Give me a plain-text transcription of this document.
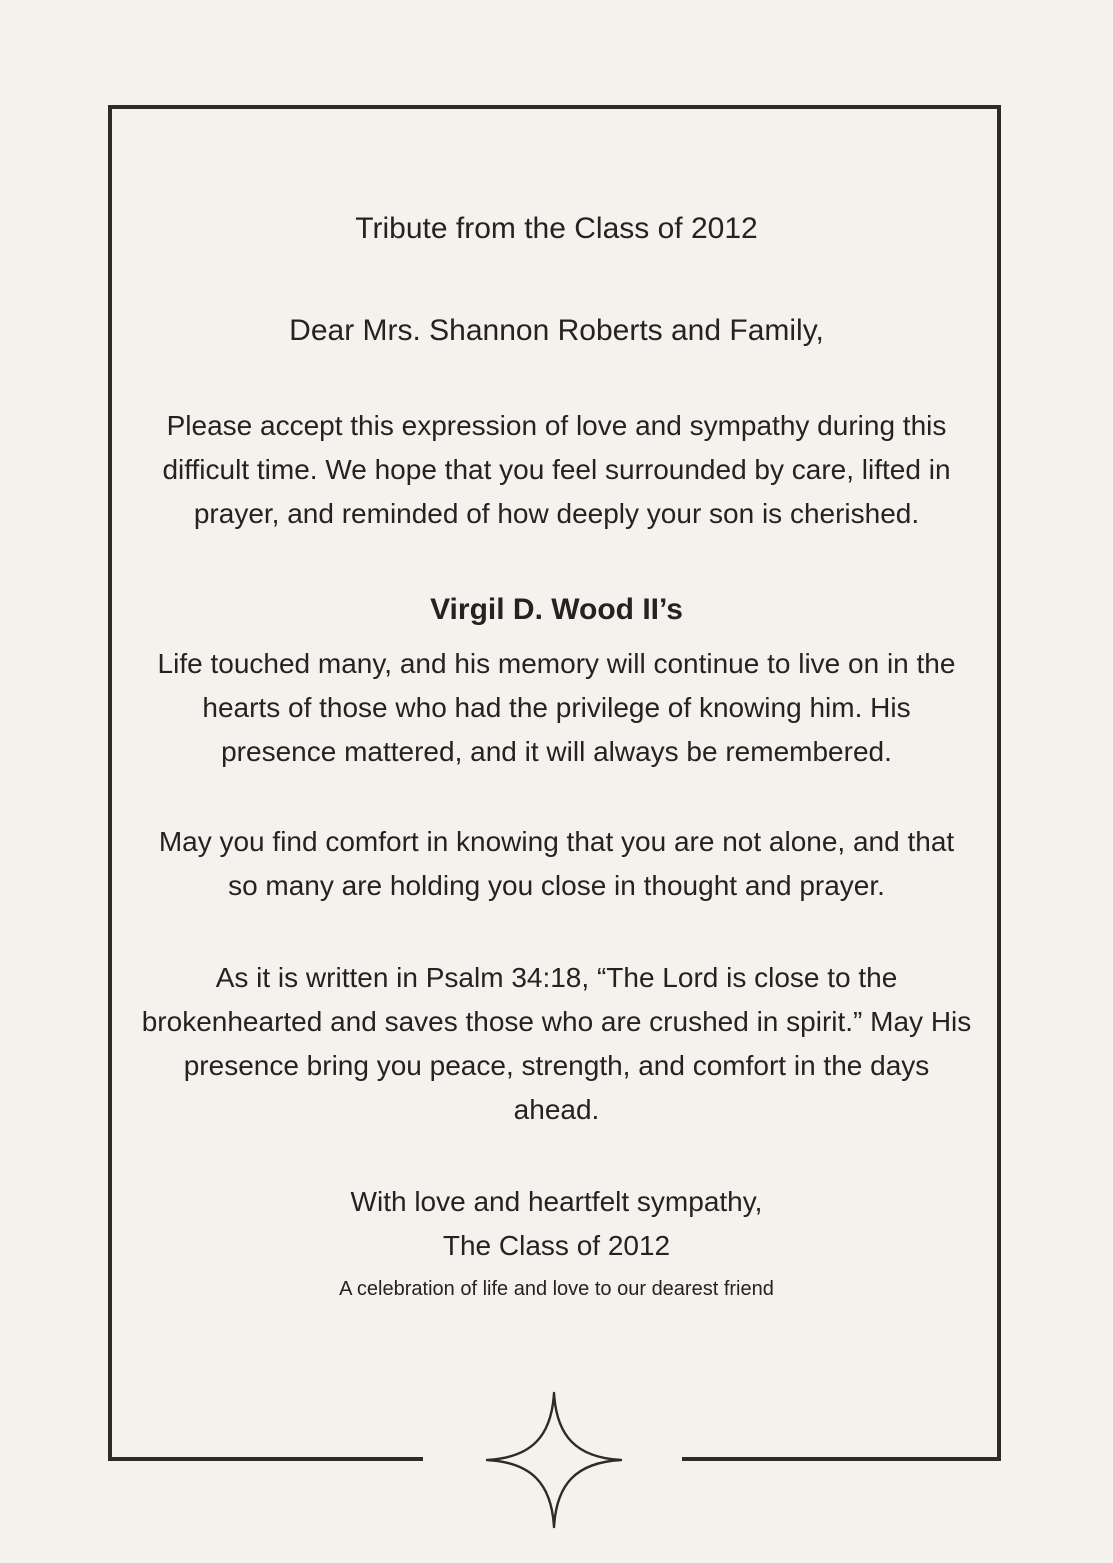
Tribute from the Class of 2012

Dear Mrs. Shannon Roberts and Family,

Please accept this expression of love and sympathy during this
difficult time. We hope that you feel surrounded by care, lifted in
prayer, and reminded of how deeply your son is cherished.

Virgil D. Wood II’s

Life touched many, and his memory will continue to live on in the
hearts of those who had the privilege of knowing him. His
presence mattered, and it will always be remembered.

May you find comfort in knowing that you are not alone, and that
so many are holding you close in thought and prayer.

As it is written in Psalm 34:18, “The Lord is close to the
brokenhearted and saves those who are crushed in spirit.” May His
presence bring you peace, strength, and comfort in the days
ahead.

With love and heartfelt sympathy,
The Class of 2012

A celebration of life and love to our dearest friend
